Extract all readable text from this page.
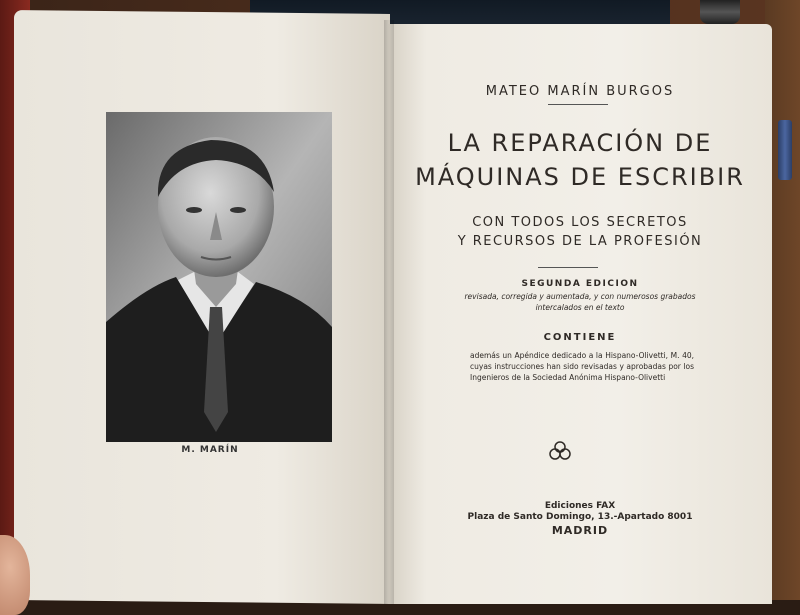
M. MARÍN
MATEO MARÍN BURGOS
LA REPARACIÓN DE
MÁQUINAS DE ESCRIBIR
CON TODOS LOS SECRETOS
Y RECURSOS DE LA PROFESIÓN
SEGUNDA EDICION
revisada, corregida y aumentada, y con numerosos grabados
intercalados en el texto
CONTIENE
además un Apéndice dedicado a la Hispano-Olivetti, M. 40, cuyas instrucciones han sido revisadas y aprobadas por los Ingenieros de la Sociedad Anónima Hispano-Olivetti
Ediciones FAX
Plaza de Santo Domingo, 13.-Apartado 8001
MADRID
